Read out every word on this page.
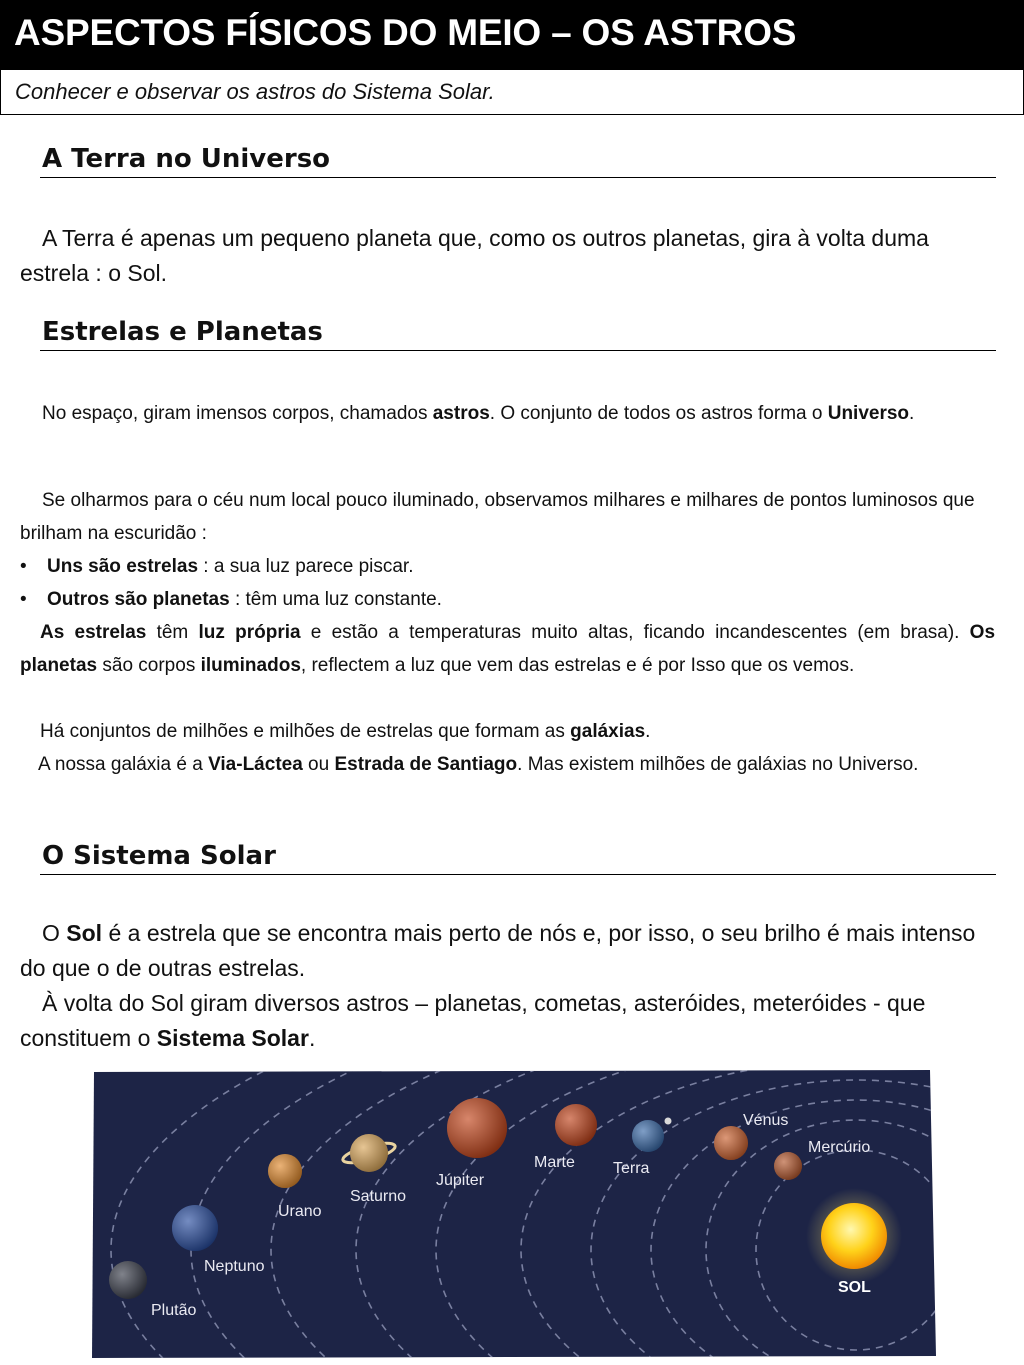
ASPECTOS FÍSICOS DO MEIO – OS ASTROS
Conhecer e observar os astros do Sistema Solar.
A Terra no Universo

A Terra é apenas um pequeno planeta que, como os outros planetas, gira à volta duma estrela : o Sol.

Estrelas e Planetas

No espaço, giram imensos corpos, chamados astros. O conjunto de todos os astros forma o Universo.

Se olharmos para o céu num local pouco iluminado, observamos milhares e milhares de pontos luminosos que brilham na escuridão :

• Uns são estrelas : a sua luz parece piscar.

• Outros são planetas : têm uma luz constante.

As estrelas têm luz própria e estão a temperaturas muito altas, ficando incandescentes (em brasa). Os planetas são corpos iluminados, reflectem a luz que vem das estrelas e é por Isso que os vemos.

Há conjuntos de milhões e milhões de estrelas que formam as galáxias.

A nossa galáxia é a Via-Láctea ou Estrada de Santiago. Mas existem milhões de galáxias no Universo.

O Sistema Solar

O Sol é a estrela que se encontra mais perto de nós e, por isso, o seu brilho é mais intenso do que o de outras estrelas.

À volta do Sol giram diversos astros – planetas, cometas, asteróides, meteróides - que constituem o Sistema Solar.

SOL
Mercúrio
Vénus
Terra
Marte
Júpiter
Saturno
Urano
Neptuno
Plutão
